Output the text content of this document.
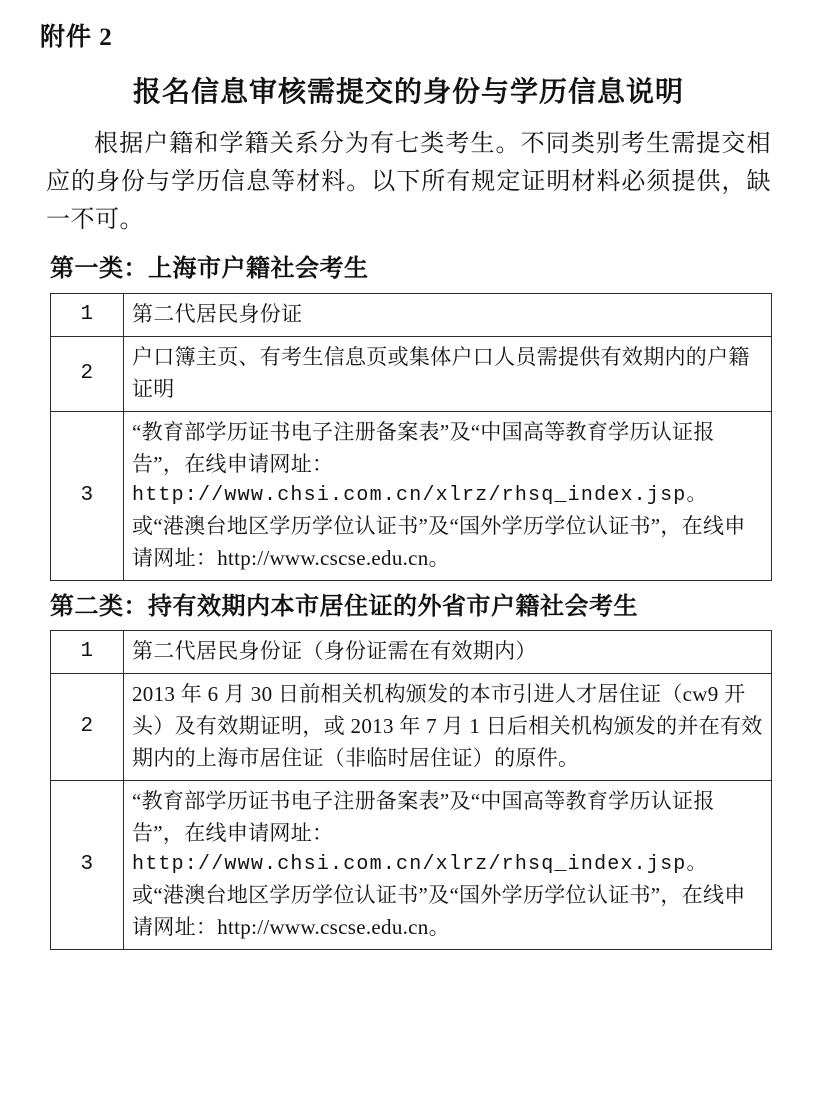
附件 2
报名信息审核需提交的身份与学历信息说明

根据户籍和学籍关系分为有七类考生。不同类别考生需提交相应的身份与学历信息等材料。以下所有规定证明材料必须提供，缺一不可。

第一类：上海市户籍社会考生
1	第二代居民身份证

2	户口簿主页、有考生信息页或集体户口人员需提供有效期内的户籍证明

3	“教育部学历证书电子注册备案表”及“中国高等教育学历认证报告”，在线申请网址：

http://www.chsi.com.cn/xlrz/rhsq_index.jsp。

或“港澳台地区学历学位认证书”及“国外学历学位认证书”，在线申请网址：http://www.cscse.edu.cn。

第二类：持有效期内本市居住证的外省市户籍社会考生
1	第二代居民身份证（身份证需在有效期内）

2	2013 年 6 月 30 日前相关机构颁发的本市引进人才居住证（cw9 开头）及有效期证明，或 2013 年 7 月 1 日后相关机构颁发的并在有效期内的上海市居住证（非临时居住证）的原件。

3	“教育部学历证书电子注册备案表”及“中国高等教育学历认证报告”，在线申请网址：

http://www.chsi.com.cn/xlrz/rhsq_index.jsp。

或“港澳台地区学历学位认证书”及“国外学历学位认证书”，在线申请网址：http://www.cscse.edu.cn。
